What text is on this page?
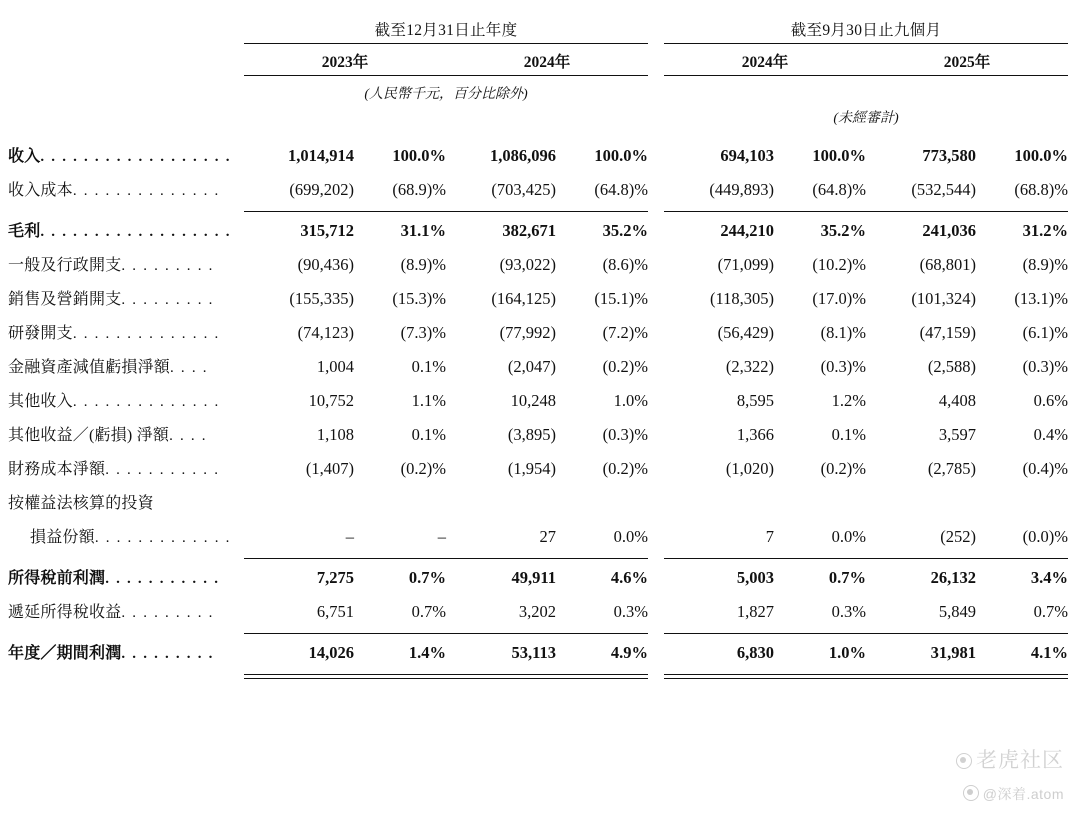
	截至12月31日止年度					截至9月30日止九個月			

	2023年		2024年			2024年		2025年	

	(人民幣千元，百分比除外)								
						(未經審計)			
收入. . . . . . . . . . . . . . . . . .	1,014,914	100.0%	1,086,096	100.0%		694,103	100.0%	773,580	100.0%
收入成本. . . . . . . . . . . . . .	(699,202)	(68.9)%	(703,425)	(64.8)%		(449,893)	(64.8)%	(532,544)	(68.8)%

毛利. . . . . . . . . . . . . . . . . .	315,712	31.1%	382,671	35.2%		244,210	35.2%	241,036	31.2%
一般及行政開支. . . . . . . . .	(90,436)	(8.9)%	(93,022)	(8.6)%		(71,099)	(10.2)%	(68,801)	(8.9)%
銷售及營銷開支. . . . . . . . .	(155,335)	(15.3)%	(164,125)	(15.1)%		(118,305)	(17.0)%	(101,324)	(13.1)%
研發開支. . . . . . . . . . . . . .	(74,123)	(7.3)%	(77,992)	(7.2)%		(56,429)	(8.1)%	(47,159)	(6.1)%
金融資產減值虧損淨額. . . .	1,004	0.1%	(2,047)	(0.2)%		(2,322)	(0.3)%	(2,588)	(0.3)%
其他收入. . . . . . . . . . . . . .	10,752	1.1%	10,248	1.0%		8,595	1.2%	4,408	0.6%
其他收益／(虧損) 淨額. . . .	1,108	0.1%	(3,895)	(0.3)%		1,366	0.1%	3,597	0.4%
財務成本淨額. . . . . . . . . . .	(1,407)	(0.2)%	(1,954)	(0.2)%		(1,020)	(0.2)%	(2,785)	(0.4)%
按權益法核算的投資									
損益份額. . . . . . . . . . . . .	–	–	27	0.0%		7	0.0%	(252)	(0.0)%

所得稅前利潤. . . . . . . . . . .	7,275	0.7%	49,911	4.6%		5,003	0.7%	26,132	3.4%
遞延所得稅收益. . . . . . . . .	6,751	0.7%	3,202	0.3%		1,827	0.3%	5,849	0.7%

年度／期間利潤. . . . . . . . .	14,026	1.4%	53,113	4.9%		6,830	1.0%	31,981	4.1%

老虎社区
@深着.atom
